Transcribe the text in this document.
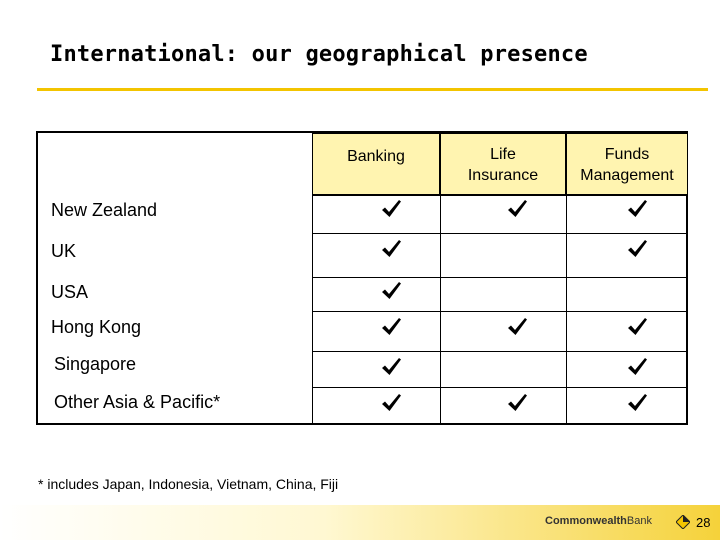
International: our geographical presence
Banking	Life
Insurance
Funds
Management
New Zealand
UK
USA
Hong Kong
Singapore
Other Asia & Pacific*
* includes Japan, Indonesia, Vietnam, China, Fiji
CommonwealthBank	28
